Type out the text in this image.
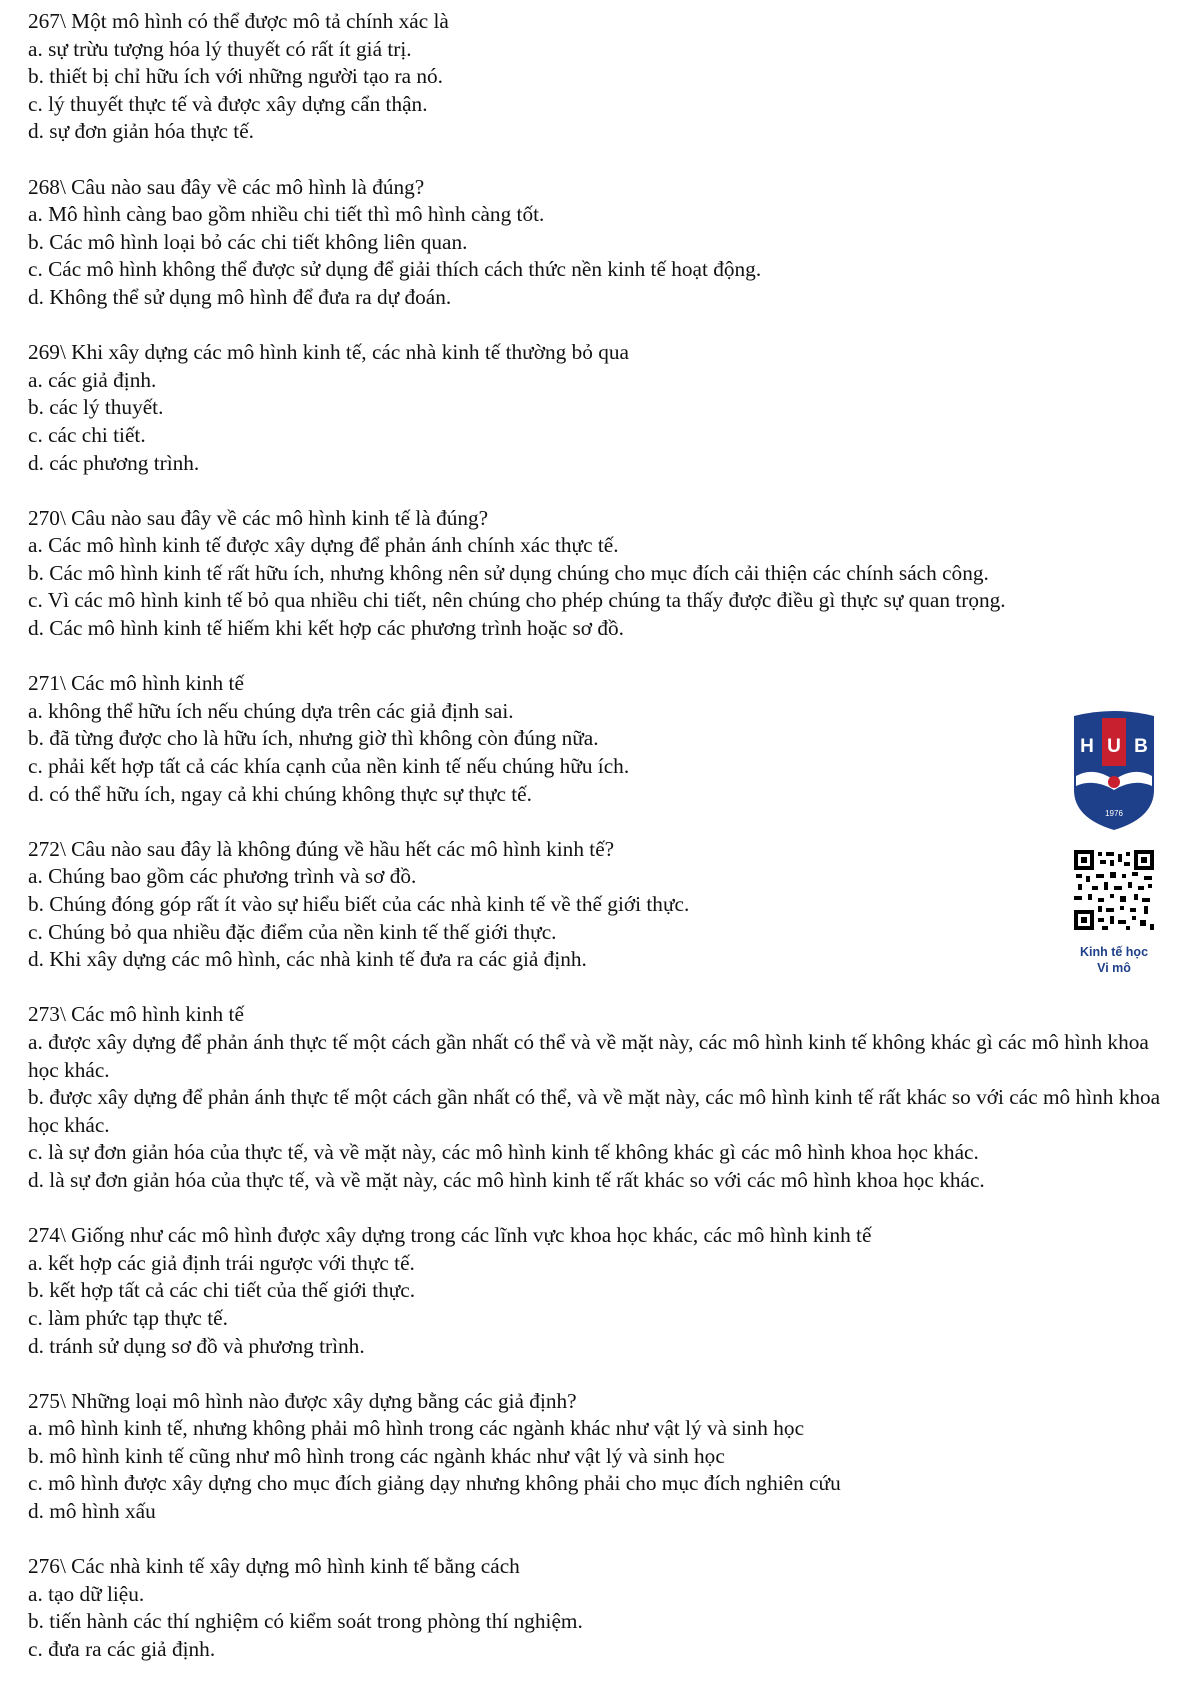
267\ Một mô hình có thể được mô tả chính xác là
a. sự trừu tượng hóa lý thuyết có rất ít giá trị.
b. thiết bị chỉ hữu ích với những người tạo ra nó.
c. lý thuyết thực tế và được xây dựng cẩn thận.
d. sự đơn giản hóa thực tế.
268\ Câu nào sau đây về các mô hình là đúng?
a. Mô hình càng bao gồm nhiều chi tiết thì mô hình càng tốt.
b. Các mô hình loại bỏ các chi tiết không liên quan.
c. Các mô hình không thể được sử dụng để giải thích cách thức nền kinh tế hoạt động.
d. Không thể sử dụng mô hình để đưa ra dự đoán.
269\ Khi xây dựng các mô hình kinh tế, các nhà kinh tế thường bỏ qua
a. các giả định.
b. các lý thuyết.
c. các chi tiết.
d. các phương trình.
270\ Câu nào sau đây về các mô hình kinh tế là đúng?
a. Các mô hình kinh tế được xây dựng để phản ánh chính xác thực tế.
b. Các mô hình kinh tế rất hữu ích, nhưng không nên sử dụng chúng cho mục đích cải thiện các chính sách công.
c. Vì các mô hình kinh tế bỏ qua nhiều chi tiết, nên chúng cho phép chúng ta thấy được điều gì thực sự quan trọng.
d. Các mô hình kinh tế hiếm khi kết hợp các phương trình hoặc sơ đồ.
271\ Các mô hình kinh tế
a. không thể hữu ích nếu chúng dựa trên các giả định sai.
b. đã từng được cho là hữu ích, nhưng giờ thì không còn đúng nữa.
c. phải kết hợp tất cả các khía cạnh của nền kinh tế nếu chúng hữu ích.
d. có thể hữu ích, ngay cả khi chúng không thực sự thực tế.
272\ Câu nào sau đây là không đúng về hầu hết các mô hình kinh tế?
a. Chúng bao gồm các phương trình và sơ đồ.
b. Chúng đóng góp rất ít vào sự hiểu biết của các nhà kinh tế về thế giới thực.
c. Chúng bỏ qua nhiều đặc điểm của nền kinh tế thế giới thực.
d. Khi xây dựng các mô hình, các nhà kinh tế đưa ra các giả định.
273\ Các mô hình kinh tế
a. được xây dựng để phản ánh thực tế một cách gần nhất có thể và về mặt này, các mô hình kinh tế không khác gì các mô hình khoa học khác.
b. được xây dựng để phản ánh thực tế một cách gần nhất có thể, và về mặt này, các mô hình kinh tế rất khác so với các mô hình khoa học khác.
c. là sự đơn giản hóa của thực tế, và về mặt này, các mô hình kinh tế không khác gì các mô hình khoa học khác.
d. là sự đơn giản hóa của thực tế, và về mặt này, các mô hình kinh tế rất khác so với các mô hình khoa học khác.
274\ Giống như các mô hình được xây dựng trong các lĩnh vực khoa học khác, các mô hình kinh tế
a. kết hợp các giả định trái ngược với thực tế.
b. kết hợp tất cả các chi tiết của thế giới thực.
c. làm phức tạp thực tế.
d. tránh sử dụng sơ đồ và phương trình.
275\ Những loại mô hình nào được xây dựng bằng các giả định?
a. mô hình kinh tế, nhưng không phải mô hình trong các ngành khác như vật lý và sinh học
b. mô hình kinh tế cũng như mô hình trong các ngành khác như vật lý và sinh học
c. mô hình được xây dựng cho mục đích giảng dạy nhưng không phải cho mục đích nghiên cứu
d. mô hình xấu
276\ Các nhà kinh tế xây dựng mô hình kinh tế bằng cách
a. tạo dữ liệu.
b. tiến hành các thí nghiệm có kiểm soát trong phòng thí nghiệm.
c. đưa ra các giả định.
H U B
1976
Kinh tế học
Vi mô
